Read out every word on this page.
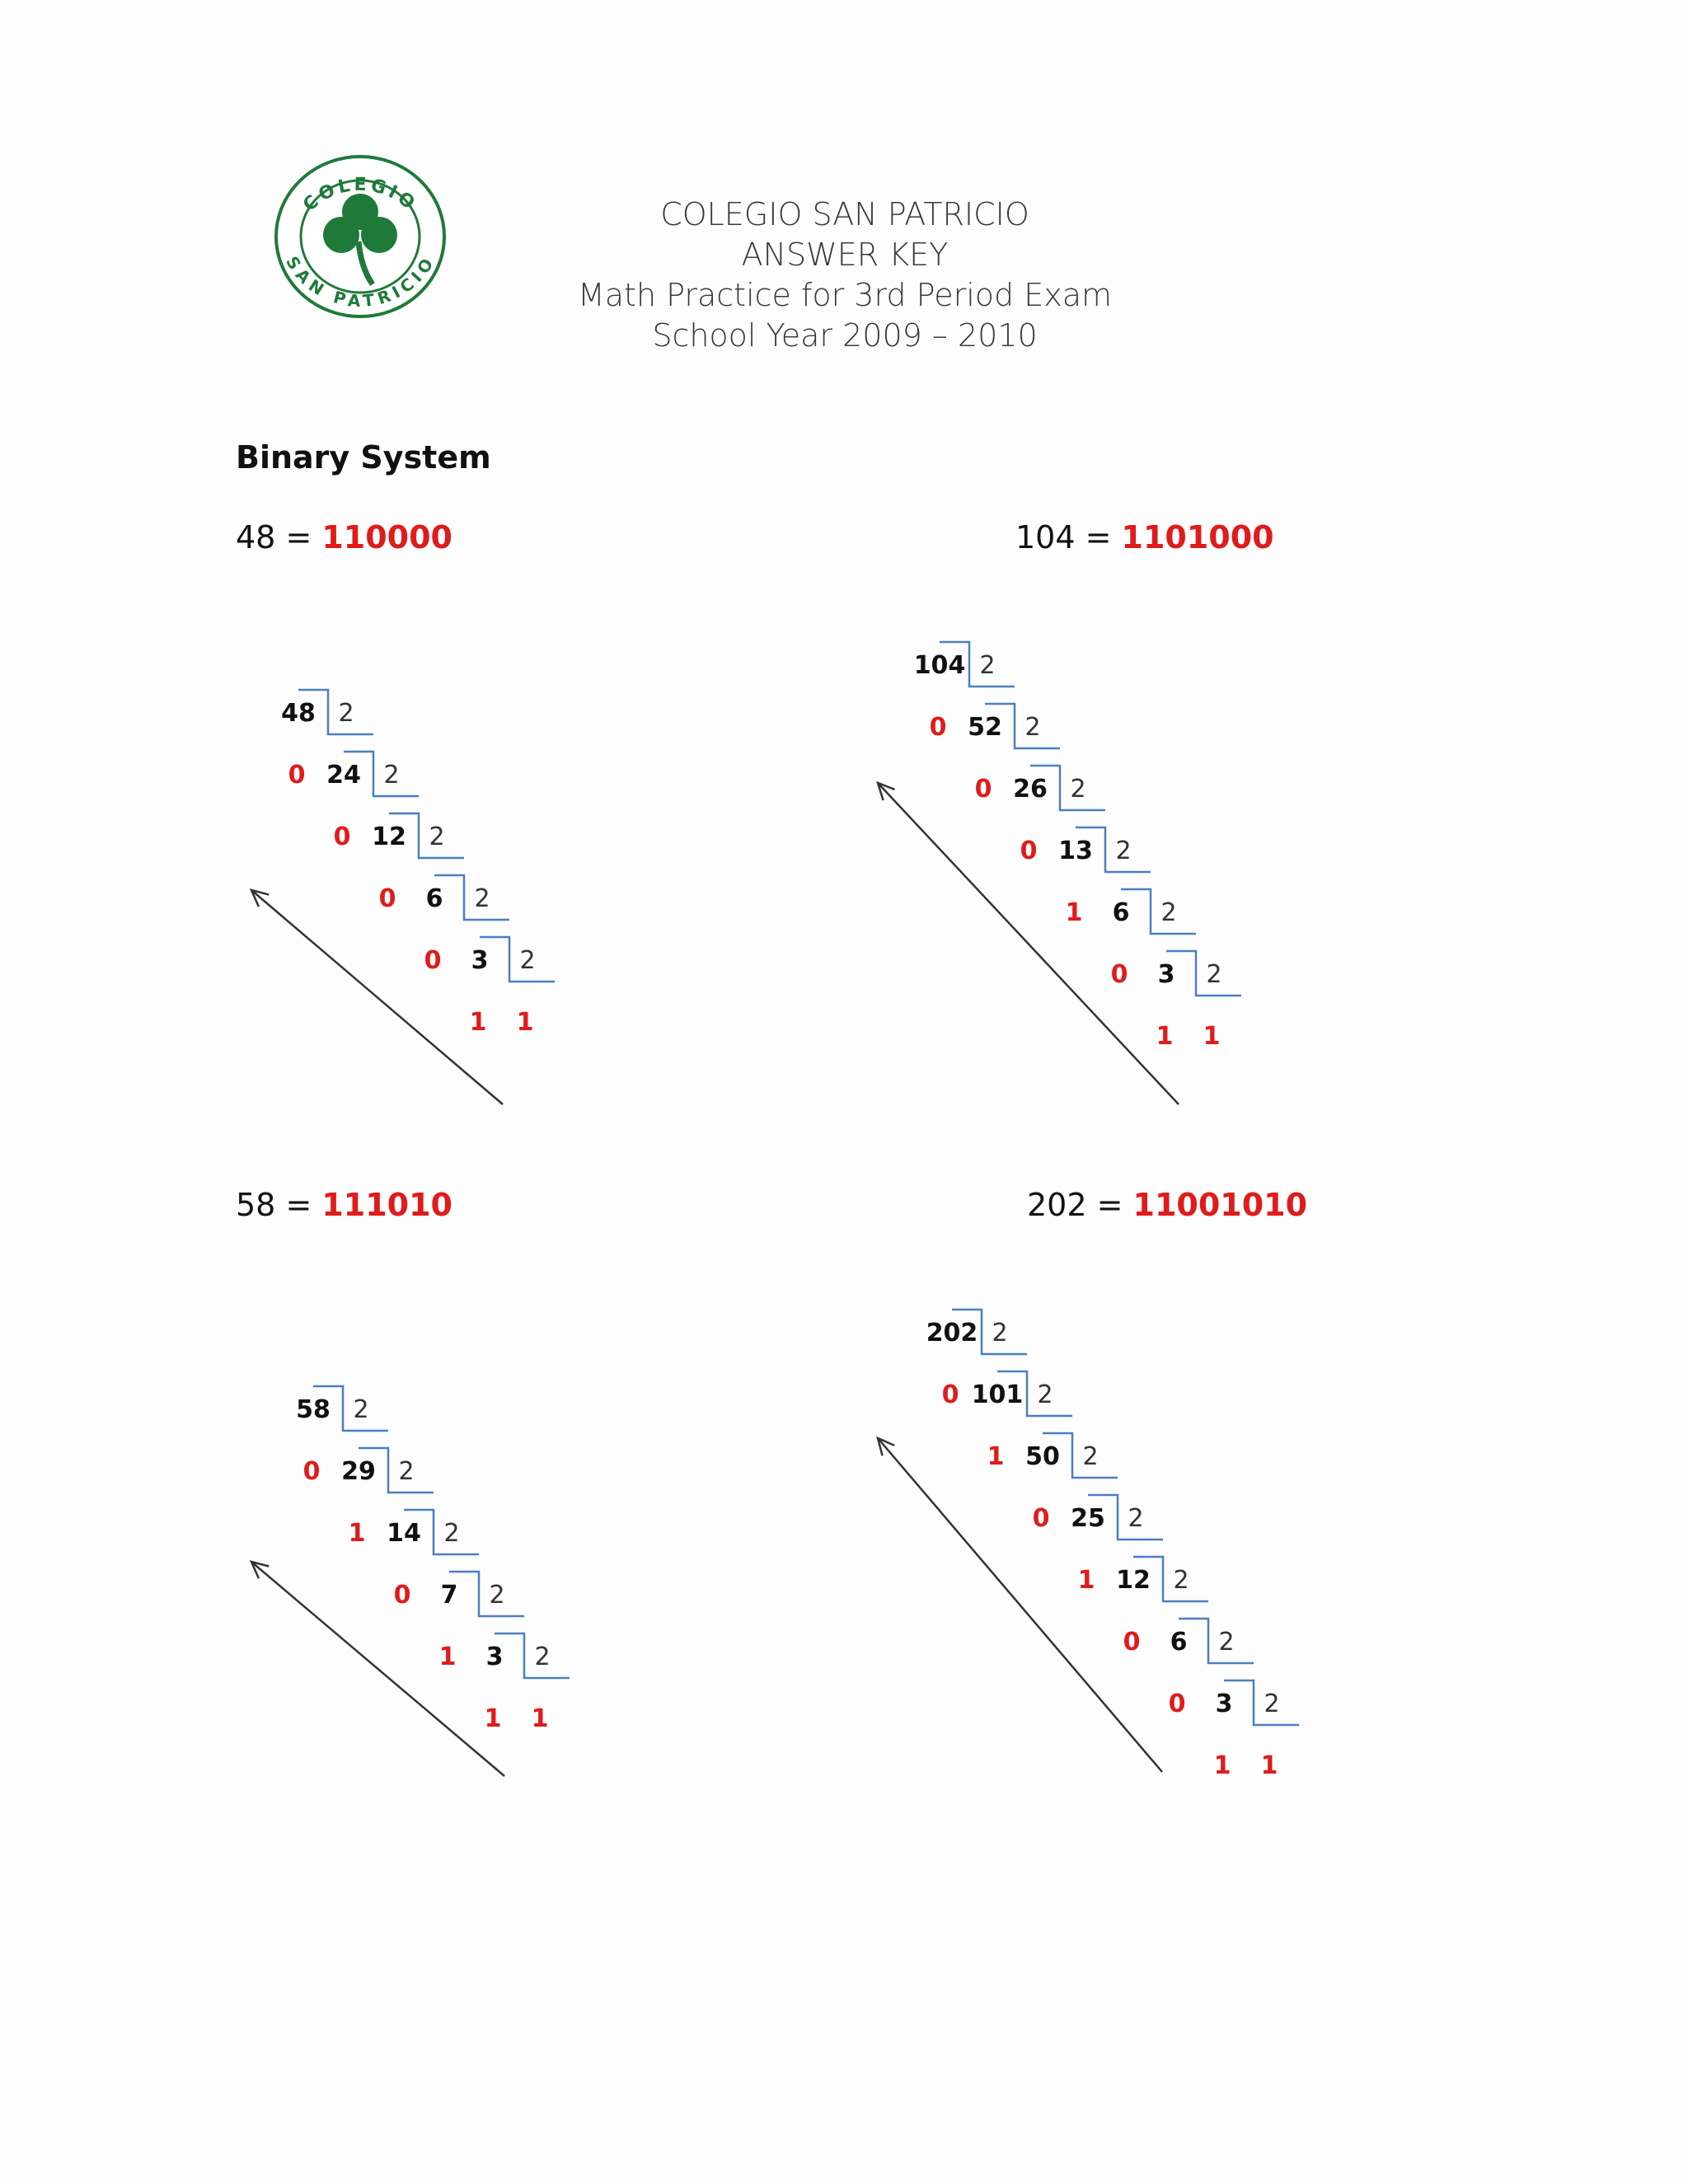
COLEGIO
SAN PATRICIO
COLEGIO SAN PATRICIO
ANSWER KEY
Math Practice for 3rd Period Exam
School Year 2009 – 2010
Binary System
48 = 110000	104 = 1101000
58 = 111010	202 = 11001010
48 2
0 24 2
0 12 2
0 6 2
0 3 2
1 1
104 2
0 52 2
0 26 2
0 13 2
1 6 2
0 3 2
1 1
58 2
0 29 2
1 14 2
0 7 2
1 3 2
1 1
202 2
0 101 2
1 50 2
0 25 2
1 12 2
0 6 2
0 3 2
1 1
